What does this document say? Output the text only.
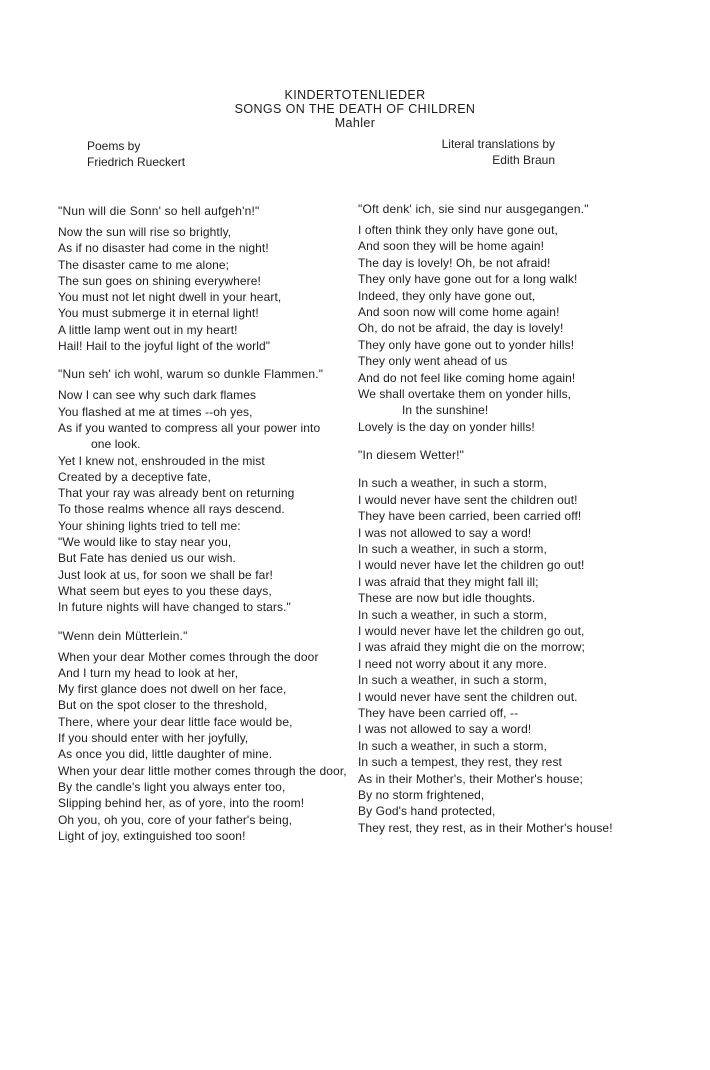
KINDERTOTENLIEDER
SONGS ON THE DEATH OF CHILDREN
Mahler
Poems by
Friedrich Rueckert
Literal translations by
Edith Braun
"Nun will die Sonn' so hell aufgeh'n!"
Now the sun will rise so brightly,
As if no disaster had come in the night!
The disaster came to me alone;
The sun goes on shining everywhere!
You must not let night dwell in your heart,
You must submerge it in eternal light!
A little lamp went out in my heart!
Hail! Hail to the joyful light of the world"
"Nun seh' ich wohl, warum so dunkle Flammen."
Now I can see why such dark flames
You flashed at me at times --oh yes,
As if you wanted to compress all your power into
one look.
Yet I knew not, enshrouded in the mist
Created by a deceptive fate,
That your ray was already bent on returning
To those realms whence all rays descend.
Your shining lights tried to tell me:
"We would like to stay near you,
But Fate has denied us our wish.
Just look at us, for soon we shall be far!
What seem but eyes to you these days,
In future nights will have changed to stars."
"Wenn dein Mütterlein."
When your dear Mother comes through the door
And I turn my head to look at her,
My first glance does not dwell on her face,
But on the spot closer to the threshold,
There, where your dear little face would be,
If you should enter with her joyfully,
As once you did, little daughter of mine.
When your dear little mother comes through the door,
By the candle's light you always enter too,
Slipping behind her, as of yore, into the room!
Oh you, oh you, core of your father's being,
Light of joy, extinguished too soon!
"Oft denk' ich, sie sind nur ausgegangen."
I often think they only have gone out,
And soon they will be home again!
The day is lovely! Oh, be not afraid!
They only have gone out for a long walk!
Indeed, they only have gone out,
And soon now will come home again!
Oh, do not be afraid, the day is lovely!
They only have gone out to yonder hills!
They only went ahead of us
And do not feel like coming home again!
We shall overtake them on yonder hills,
In the sunshine!
Lovely is the day on yonder hills!
"In diesem Wetter!"
In such a weather, in such a storm,
I would never have sent the children out!
They have been carried, been carried off!
I was not allowed to say a word!
In such a weather, in such a storm,
I would never have let the children go out!
I was afraid that they might fall ill;
These are now but idle thoughts.
In such a weather, in such a storm,
I would never have let the children go out,
I was afraid they might die on the morrow;
I need not worry about it any more.
In such a weather, in such a storm,
I would never have sent the children out.
They have been carried off, --
I was not allowed to say a word!
In such a weather, in such a storm,
In such a tempest, they rest, they rest
As in their Mother's, their Mother's house;
By no storm frightened,
By God's hand protected,
They rest, they rest, as in their Mother's house!
